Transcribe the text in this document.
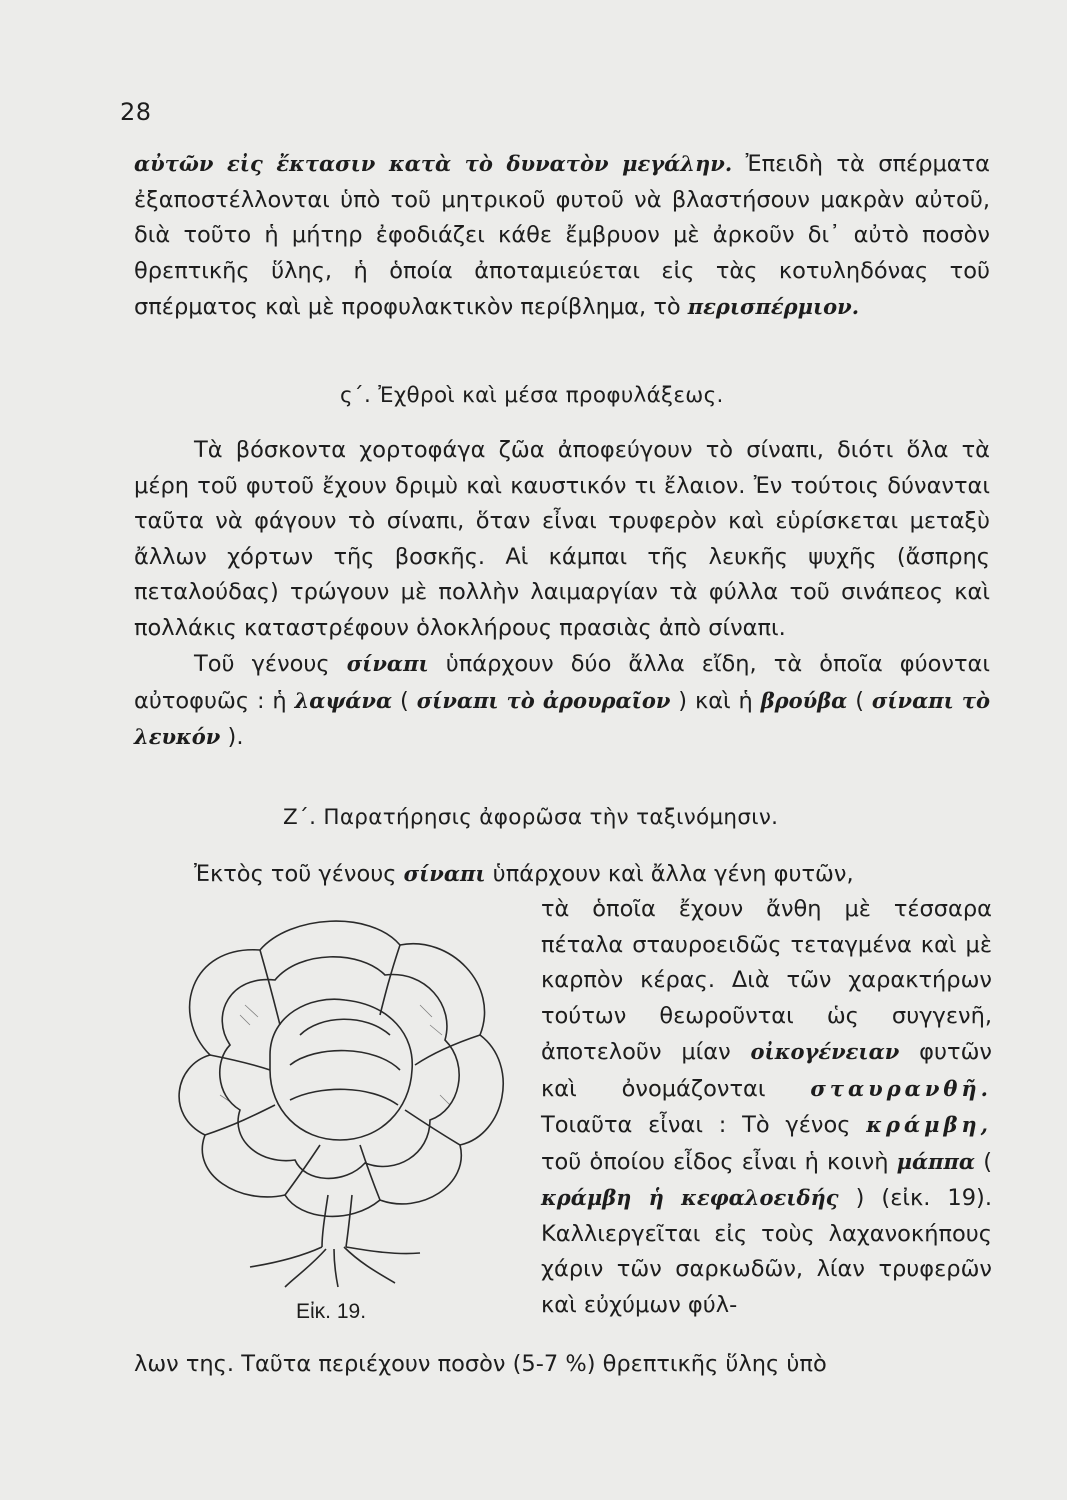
28

αὐτῶν εἰς ἔκτασιν κατὰ τὸ δυνατὸν μεγάλην. Ἐπειδὴ τὰ σπέρματα ἐξαποστέλλονται ὑπὸ τοῦ μητρικοῦ φυτοῦ νὰ βλαστήσουν μακρὰν αὐτοῦ, διὰ τοῦτο ἡ μήτηρ ἐφοδιάζει κάθε ἔμβρυον μὲ ἀρκοῦν δι᾽ αὐτὸ ποσὸν θρεπτικῆς ὕλης, ἡ ὁποία ἀποταμιεύεται εἰς τὰς κοτυληδόνας τοῦ σπέρματος καὶ μὲ προφυλακτικὸν περίβλημα, τὸ περισπέρμιον.

ς΄. Ἐχθροὶ καὶ μέσα προφυλάξεως.

Τὰ βόσκοντα χορτοφάγα ζῶα ἀποφεύγουν τὸ σίναπι, διότι ὅλα τὰ μέρη τοῦ φυτοῦ ἔχουν δριμὺ καὶ καυστικόν τι ἔλαιον. Ἐν τούτοις δύνανται ταῦτα νὰ φάγουν τὸ σίναπι, ὅταν εἶναι τρυφερὸν καὶ εὑρίσκεται μεταξὺ ἄλλων χόρτων τῆς βοσκῆς. Αἱ κάμπαι τῆς λευκῆς ψυχῆς (ἄσπρης πεταλούδας) τρώγουν μὲ πολλὴν λαιμαργίαν τὰ φύλλα τοῦ σινάπεος καὶ πολλάκις καταστρέφουν ὁλοκλήρους πρασιὰς ἀπὸ σίναπι.

Τοῦ γένους σίναπι ὑπάρχουν δύο ἄλλα εἴδη, τὰ ὁποῖα φύονται αὐτοφυῶς : ἡ λαψάνα ( σίναπι τὸ ἀρουραῖον ) καὶ ἡ βρούβα ( σίναπι τὸ λευκόν ).

Ζ΄. Παρατήρησις ἀφορῶσα τὴν ταξινόμησιν.

Ἐκτὸς τοῦ γένους σίναπι ὑπάρχουν καὶ ἄλλα γένη φυτῶν,

τὰ ὁποῖα ἔχουν ἄνθη μὲ τέσσαρα πέταλα σταυροειδῶς τεταγμένα καὶ μὲ καρπὸν κέρας. Διὰ τῶν χαρακτήρων τούτων θεωροῦνται ὡς συγγενῆ, ἀποτελοῦν μίαν οἰκογένειαν φυτῶν καὶ ὀνομάζονται σταυρανθῆ. Τοιαῦτα εἶναι : Τὸ γένος κράμβη, τοῦ ὁποίου εἶδος εἶναι ἡ κοινὴ μάππα ( κράμβη ἡ κεφαλοειδής ) (εἰκ. 19). Καλλιεργεῖται εἰς τοὺς λαχανοκήπους χάριν τῶν σαρκωδῶν, λίαν τρυφερῶν καὶ εὐχύμων φύλ-

Εἰκ. 19.
λων της. Ταῦτα περιέχουν ποσὸν (5-7 %) θρεπτικῆς ὕλης ὑπὸ
